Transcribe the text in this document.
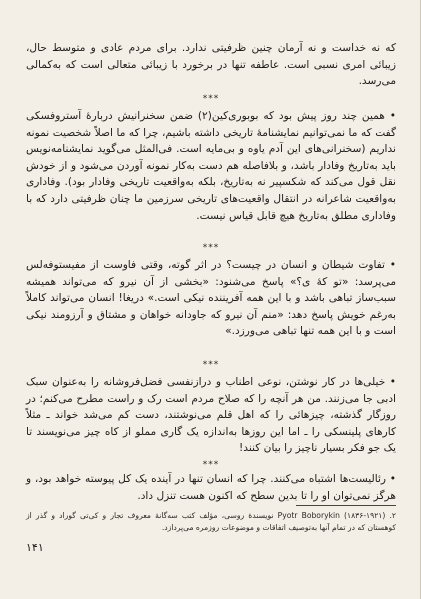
که نه خداست و نه آرمان چنین ظرفیتی ندارد. برای مردم عادی و متوسط حال، زیبائی امری نسبی است. عاطفه تنها در برخورد با زیبائی متعالی است که به‌کمالی می‌رسد.

***

• همین چند روز پیش بود که بوبوری‌کین(۲) ضمن سخنرانیش دربارهٔ آستروفسکی گفت که ما نمی‌توانیم نمایشنامهٔ تاریخی داشته باشیم، چرا که ما اصلاً شخصیت نمونه نداریم (سخنرانی‌های این آدم یاوه و بی‌مایه است. فی‌المثل می‌گوید نمایشنامه‌نویس باید به‌تاریخ وفادار باشد، و بلافاصله هم دست به‌کار نمونه آوردن می‌شود و از خودش نقل قول می‌کند که شکسپیر نه به‌تاریخ، بلکه به‌واقعیت تاریخی وفادار بود). وفاداری به‌واقعیت شاعرانه در انتقال واقعیت‌های تاریخی سرزمین ما چنان ظرفیتی دارد که با وفاداری مطلق به‌تاریخ هیچ قابل قیاس نیست.

***

• تفاوت شیطان و انسان در چیست؟ در اثر گوته، وقتی فاوست از مفیستوفه‌لس می‌پرسد: «تو کهٔ ی؟» پاسخ می‌شنود: «بخشی از آن نیرو که می‌تواند همیشه سبب‌ساز تباهی باشد و با این همه آفریننده نیکی است.» دریغا! انسان می‌تواند کاملاً به‌رغم خویش پاسخ دهد: «منم آن نیرو که جاودانه خواهان و مشتاق و آرزومند نیکی است و با این همه تنها تباهی می‌ورزد.»

***

• خیلی‌ها در کار نوشتن، نوعی اطناب و درازنفسی فضل‌فروشانه را به‌عنوان سبک ادبی جا می‌زنند. من هر آنچه را که صلاح مردم است رک و راست مطرح می‌کنم؛ در روزگار گذشته، چیزهائی را که اهل قلم می‌نوشتند، دست کم می‌شد خواند ـ مثلاً کارهای پلینسکی را ـ اما این روزها به‌اندازه یک گاری مملو از کاه چیز می‌نویسند تا یک جو فکر بسیار ناچیز را بیان کنند!

***

• رئالیست‌ها اشتباه می‌کنند. چرا که انسان تنها در آینده یک کل پیوسته خواهد بود، و هرگز نمی‌توان او را تا بدین سطح که اکنون هست تنزل داد.

۲. Pyotr Boborykin (۱۸۳۶-۱۹۲۱) نویسندهٔ روسی، مؤلف کتب سه‌گانهٔ معروف تجار و کی‌تی گوراد و گذر از کوهستان که در تمام آنها به‌توصیف اتفاقات و موضوعات روزمره می‌پردازد.
۱۴۱
